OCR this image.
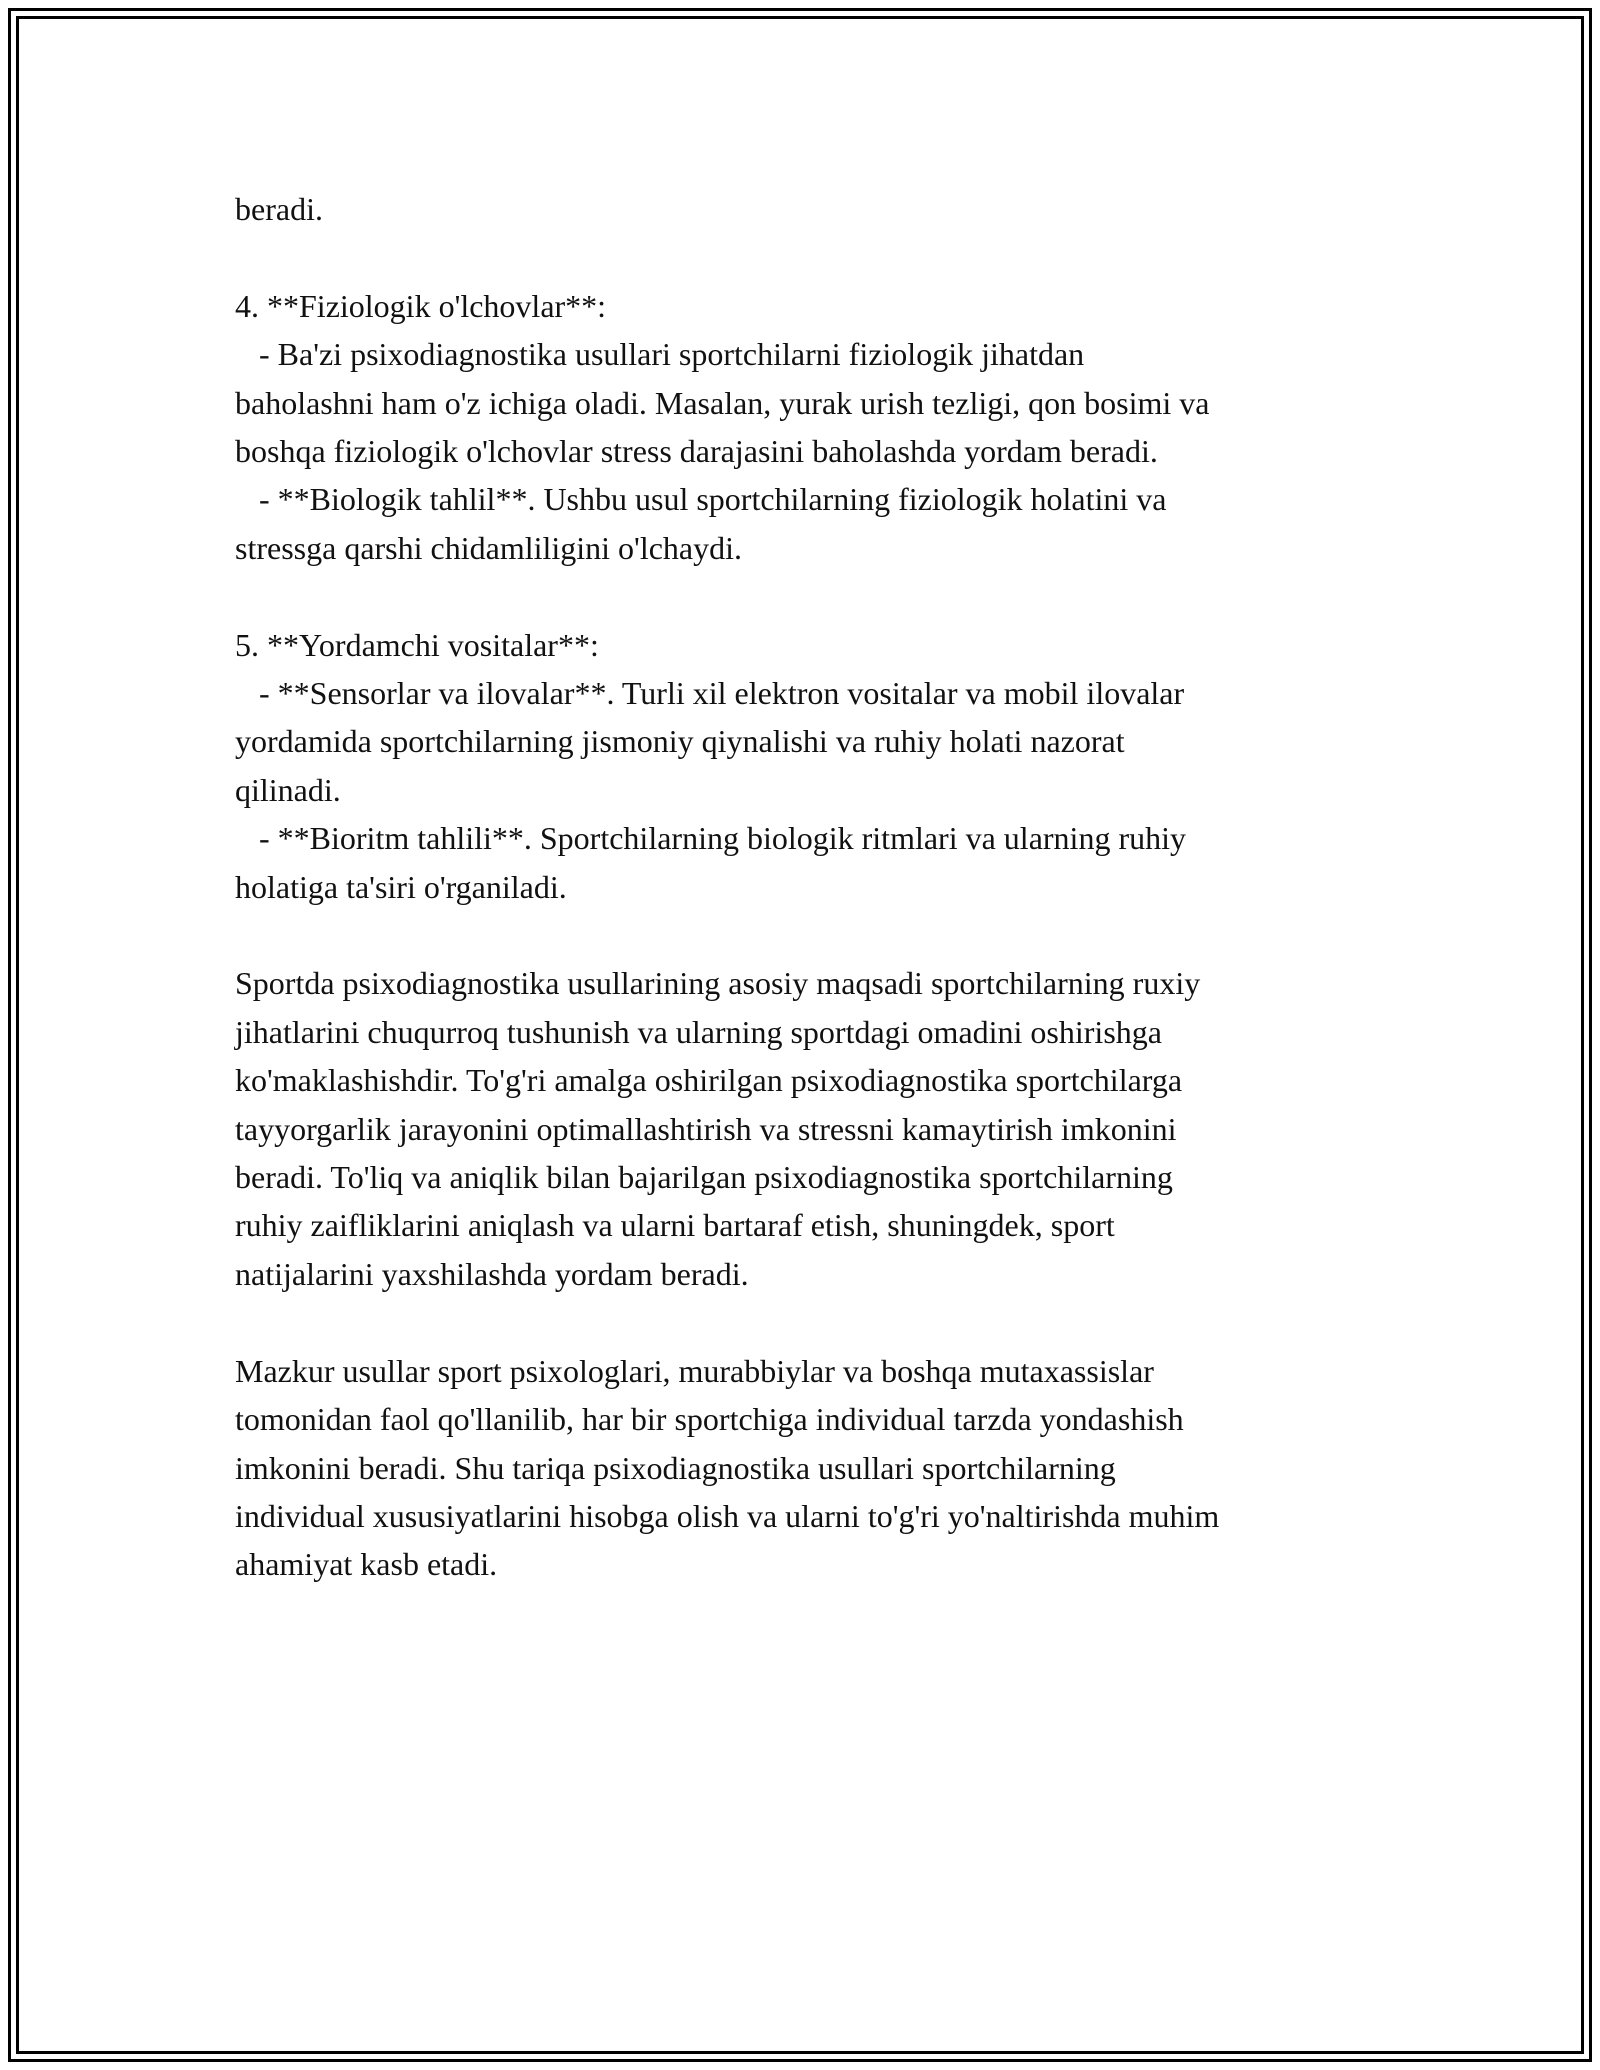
beradi.
4. **Fiziologik o'lchovlar**:
- Ba'zi psixodiagnostika usullari sportchilarni fiziologik jihatdan
baholashni ham o'z ichiga oladi. Masalan, yurak urish tezligi, qon bosimi va
boshqa fiziologik o'lchovlar stress darajasini baholashda yordam beradi.
- **Biologik tahlil**. Ushbu usul sportchilarning fiziologik holatini va
stressga qarshi chidamliligini o'lchaydi.
5. **Yordamchi vositalar**:
- **Sensorlar va ilovalar**. Turli xil elektron vositalar va mobil ilovalar
yordamida sportchilarning jismoniy qiynalishi va ruhiy holati nazorat
qilinadi.
- **Bioritm tahlili**. Sportchilarning biologik ritmlari va ularning ruhiy
holatiga ta'siri o'rganiladi.
Sportda psixodiagnostika usullarining asosiy maqsadi sportchilarning ruxiy
jihatlarini chuqurroq tushunish va ularning sportdagi omadini oshirishga
ko'maklashishdir. To'g'ri amalga oshirilgan psixodiagnostika sportchilarga
tayyorgarlik jarayonini optimallashtirish va stressni kamaytirish imkonini
beradi. To'liq va aniqlik bilan bajarilgan psixodiagnostika sportchilarning
ruhiy zaifliklarini aniqlash va ularni bartaraf etish, shuningdek, sport
natijalarini yaxshilashda yordam beradi.
Mazkur usullar sport psixologlari, murabbiylar va boshqa mutaxassislar
tomonidan faol qo'llanilib, har bir sportchiga individual tarzda yondashish
imkonini beradi. Shu tariqa psixodiagnostika usullari sportchilarning
individual xususiyatlarini hisobga olish va ularni to'g'ri yo'naltirishda muhim
ahamiyat kasb etadi.
